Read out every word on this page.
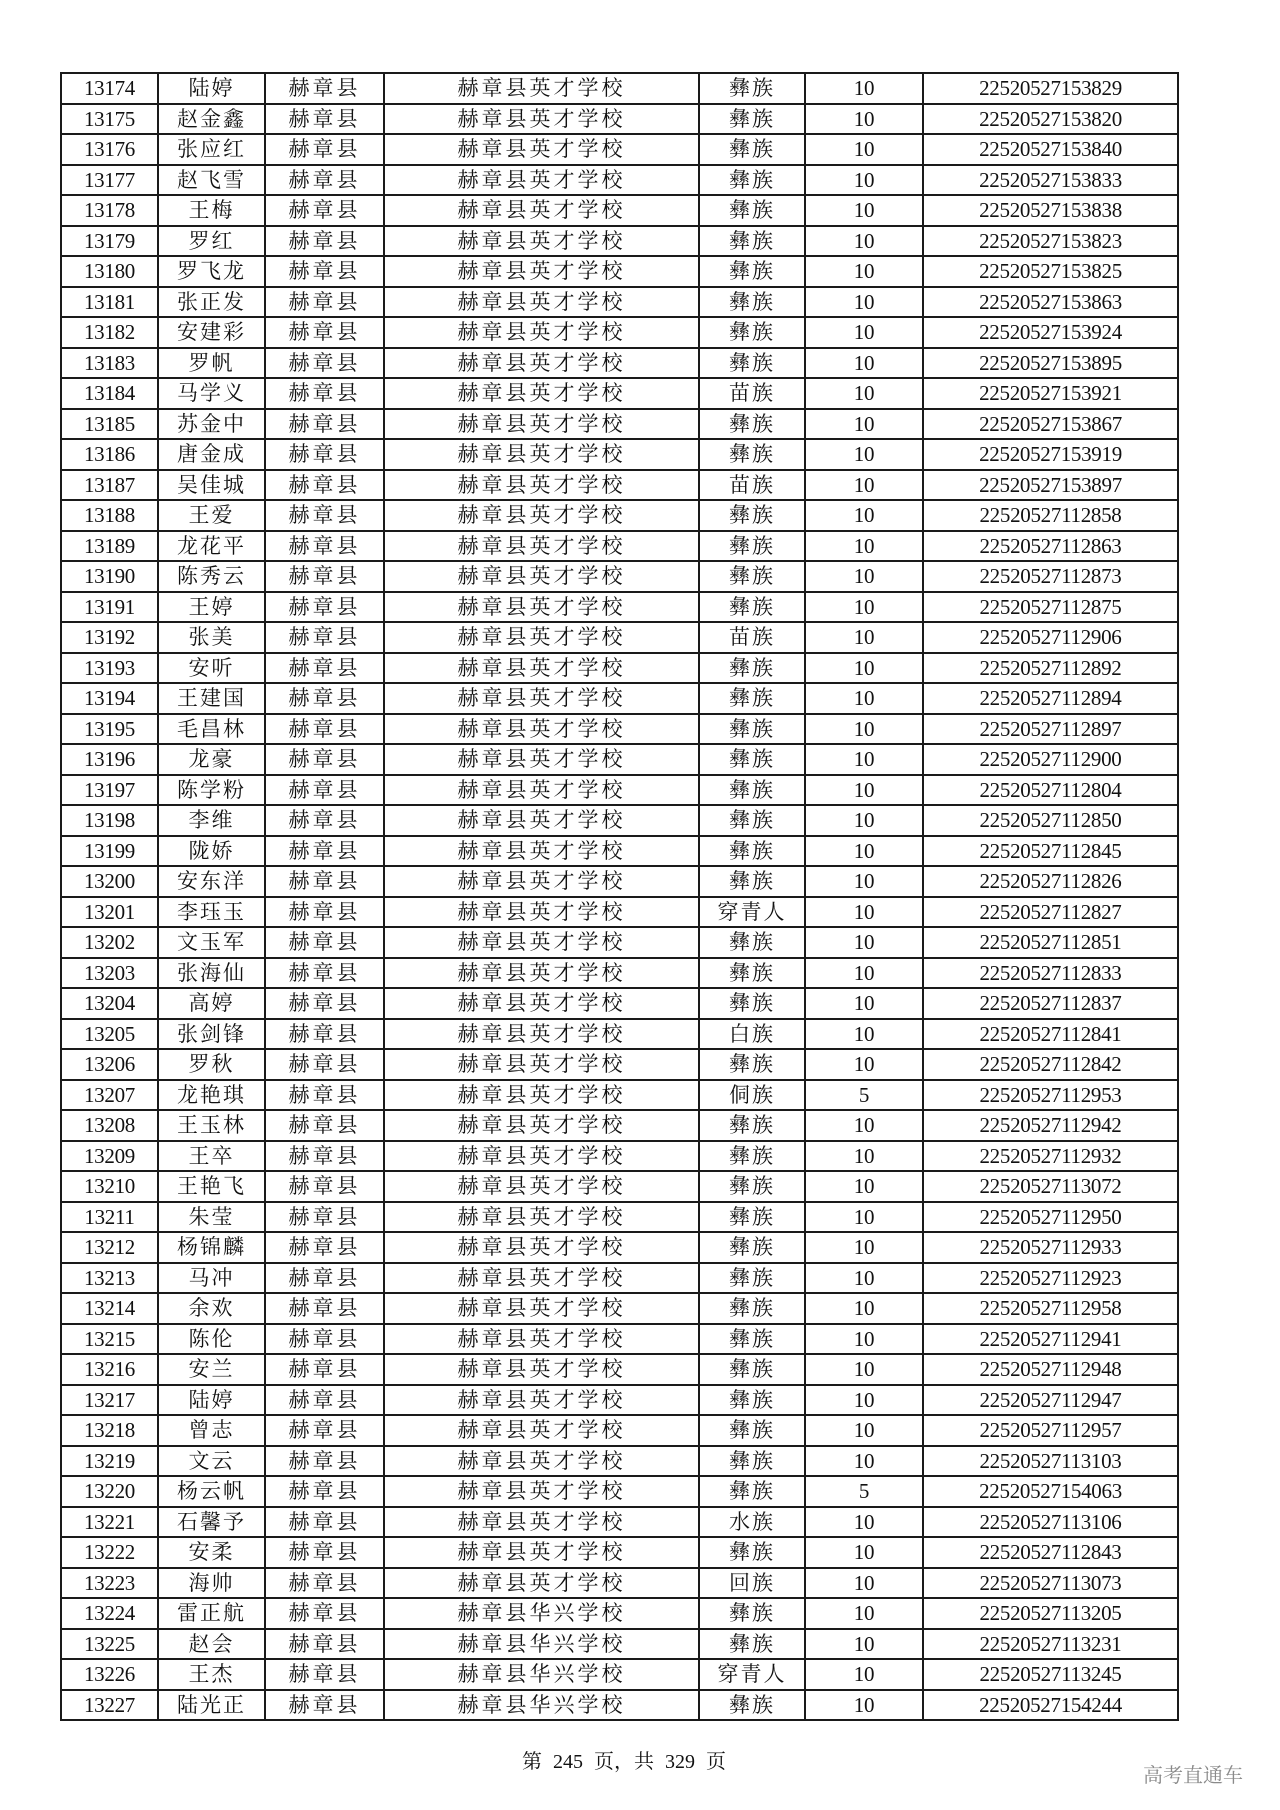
13174	陆婷	赫章县	赫章县英才学校	彝族	10	22520527153829
13175	赵金鑫	赫章县	赫章县英才学校	彝族	10	22520527153820
13176	张应红	赫章县	赫章县英才学校	彝族	10	22520527153840
13177	赵飞雪	赫章县	赫章县英才学校	彝族	10	22520527153833
13178	王梅	赫章县	赫章县英才学校	彝族	10	22520527153838
13179	罗红	赫章县	赫章县英才学校	彝族	10	22520527153823
13180	罗飞龙	赫章县	赫章县英才学校	彝族	10	22520527153825
13181	张正发	赫章县	赫章县英才学校	彝族	10	22520527153863
13182	安建彩	赫章县	赫章县英才学校	彝族	10	22520527153924
13183	罗帆	赫章县	赫章县英才学校	彝族	10	22520527153895
13184	马学义	赫章县	赫章县英才学校	苗族	10	22520527153921
13185	苏金中	赫章县	赫章县英才学校	彝族	10	22520527153867
13186	唐金成	赫章县	赫章县英才学校	彝族	10	22520527153919
13187	吴佳城	赫章县	赫章县英才学校	苗族	10	22520527153897
13188	王爱	赫章县	赫章县英才学校	彝族	10	22520527112858
13189	龙花平	赫章县	赫章县英才学校	彝族	10	22520527112863
13190	陈秀云	赫章县	赫章县英才学校	彝族	10	22520527112873
13191	王婷	赫章县	赫章县英才学校	彝族	10	22520527112875
13192	张美	赫章县	赫章县英才学校	苗族	10	22520527112906
13193	安听	赫章县	赫章县英才学校	彝族	10	22520527112892
13194	王建国	赫章县	赫章县英才学校	彝族	10	22520527112894
13195	毛昌林	赫章县	赫章县英才学校	彝族	10	22520527112897
13196	龙豪	赫章县	赫章县英才学校	彝族	10	22520527112900
13197	陈学粉	赫章县	赫章县英才学校	彝族	10	22520527112804
13198	李维	赫章县	赫章县英才学校	彝族	10	22520527112850
13199	陇娇	赫章县	赫章县英才学校	彝族	10	22520527112845
13200	安东洋	赫章县	赫章县英才学校	彝族	10	22520527112826
13201	李珏玉	赫章县	赫章县英才学校	穿青人	10	22520527112827
13202	文玉军	赫章县	赫章县英才学校	彝族	10	22520527112851
13203	张海仙	赫章县	赫章县英才学校	彝族	10	22520527112833
13204	高婷	赫章县	赫章县英才学校	彝族	10	22520527112837
13205	张剑锋	赫章县	赫章县英才学校	白族	10	22520527112841
13206	罗秋	赫章县	赫章县英才学校	彝族	10	22520527112842
13207	龙艳琪	赫章县	赫章县英才学校	侗族	5	22520527112953
13208	王玉林	赫章县	赫章县英才学校	彝族	10	22520527112942
13209	王卒	赫章县	赫章县英才学校	彝族	10	22520527112932
13210	王艳飞	赫章县	赫章县英才学校	彝族	10	22520527113072
13211	朱莹	赫章县	赫章县英才学校	彝族	10	22520527112950
13212	杨锦麟	赫章县	赫章县英才学校	彝族	10	22520527112933
13213	马冲	赫章县	赫章县英才学校	彝族	10	22520527112923
13214	余欢	赫章县	赫章县英才学校	彝族	10	22520527112958
13215	陈伦	赫章县	赫章县英才学校	彝族	10	22520527112941
13216	安兰	赫章县	赫章县英才学校	彝族	10	22520527112948
13217	陆婷	赫章县	赫章县英才学校	彝族	10	22520527112947
13218	曾志	赫章县	赫章县英才学校	彝族	10	22520527112957
13219	文云	赫章县	赫章县英才学校	彝族	10	22520527113103
13220	杨云帆	赫章县	赫章县英才学校	彝族	5	22520527154063
13221	石馨予	赫章县	赫章县英才学校	水族	10	22520527113106
13222	安柔	赫章县	赫章县英才学校	彝族	10	22520527112843
13223	海帅	赫章县	赫章县英才学校	回族	10	22520527113073
13224	雷正航	赫章县	赫章县华兴学校	彝族	10	22520527113205
13225	赵会	赫章县	赫章县华兴学校	彝族	10	22520527113231
13226	王杰	赫章县	赫章县华兴学校	穿青人	10	22520527113245
13227	陆光正	赫章县	赫章县华兴学校	彝族	10	22520527154244
第 245 页，共 329 页
高考直通车
